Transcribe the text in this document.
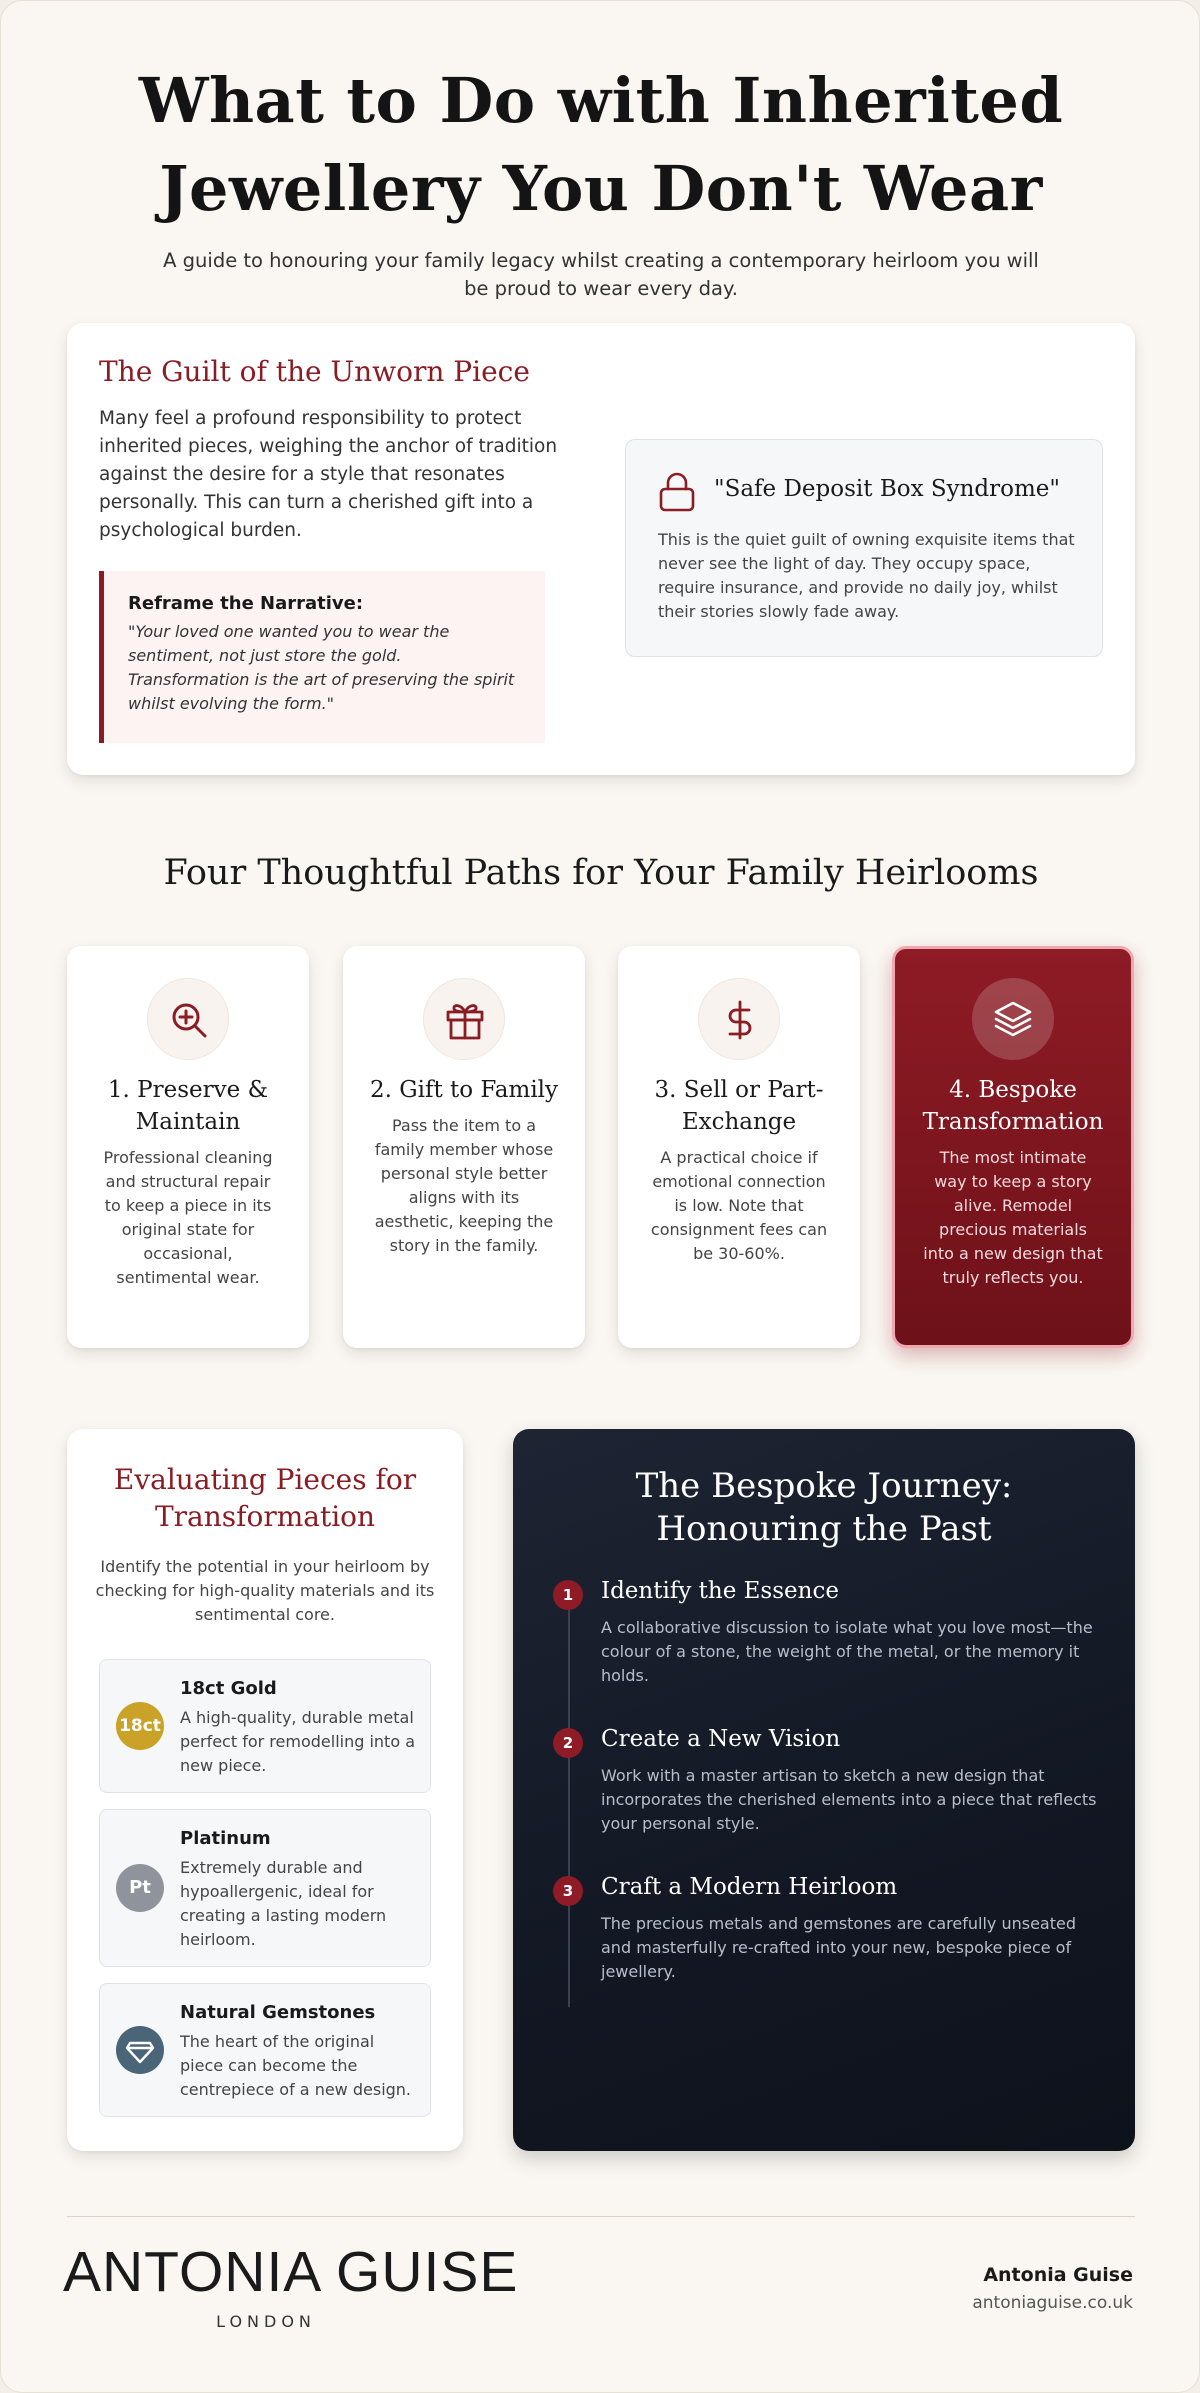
What to Do with Inherited Jewellery You Don't Wear

A guide to honouring your family legacy whilst creating a contemporary heirloom you will be proud to wear every day.

The Guilt of the Unworn Piece

Many feel a profound responsibility to protect inherited pieces, weighing the anchor of tradition against the desire for a style that resonates personally. This can turn a cherished gift into a psychological burden.

Reframe the Narrative:
"Your loved one wanted you to wear the sentiment, not just store the gold. Transformation is the art of preserving the spirit whilst evolving the form."
"Safe Deposit Box Syndrome"
This is the quiet guilt of owning exquisite items that never see the light of day. They occupy space, require insurance, and provide no daily joy, whilst their stories slowly fade away.
Four Thoughtful Paths for Your Family Heirlooms
1. Preserve & Maintain
Professional cleaning and structural repair to keep a piece in its original state for occasional, sentimental wear.
2. Gift to Family
Pass the item to a family member whose personal style better aligns with its aesthetic, keeping the story in the family.
3. Sell or Part-Exchange
A practical choice if emotional connection is low. Note that consignment fees can be 30-60%.
4. Bespoke Transformation
The most intimate way to keep a story alive. Remodel precious materials into a new design that truly reflects you.
Evaluating Pieces for Transformation

Identify the potential in your heirloom by checking for high-quality materials and its sentimental core.

18ct
18ct Gold
A high-quality, durable metal perfect for remodelling into a new piece.
Pt
Platinum
Extremely durable and hypoallergenic, ideal for creating a lasting modern heirloom.
Natural Gemstones
The heart of the original piece can become the centrepiece of a new design.
The Bespoke Journey: Honouring the Past
1	Identify the Essence
A collaborative discussion to isolate what you love most—the colour of a stone, the weight of the metal, or the memory it holds.
2	Create a New Vision
Work with a master artisan to sketch a new design that incorporates the cherished elements into a piece that reflects your personal style.
3	Craft a Modern Heirloom
The precious metals and gemstones are carefully unseated and masterfully re-crafted into your new, bespoke piece of jewellery.
ANTONIA GUISE
LONDON
Antonia Guise
antoniaguise.co.uk
